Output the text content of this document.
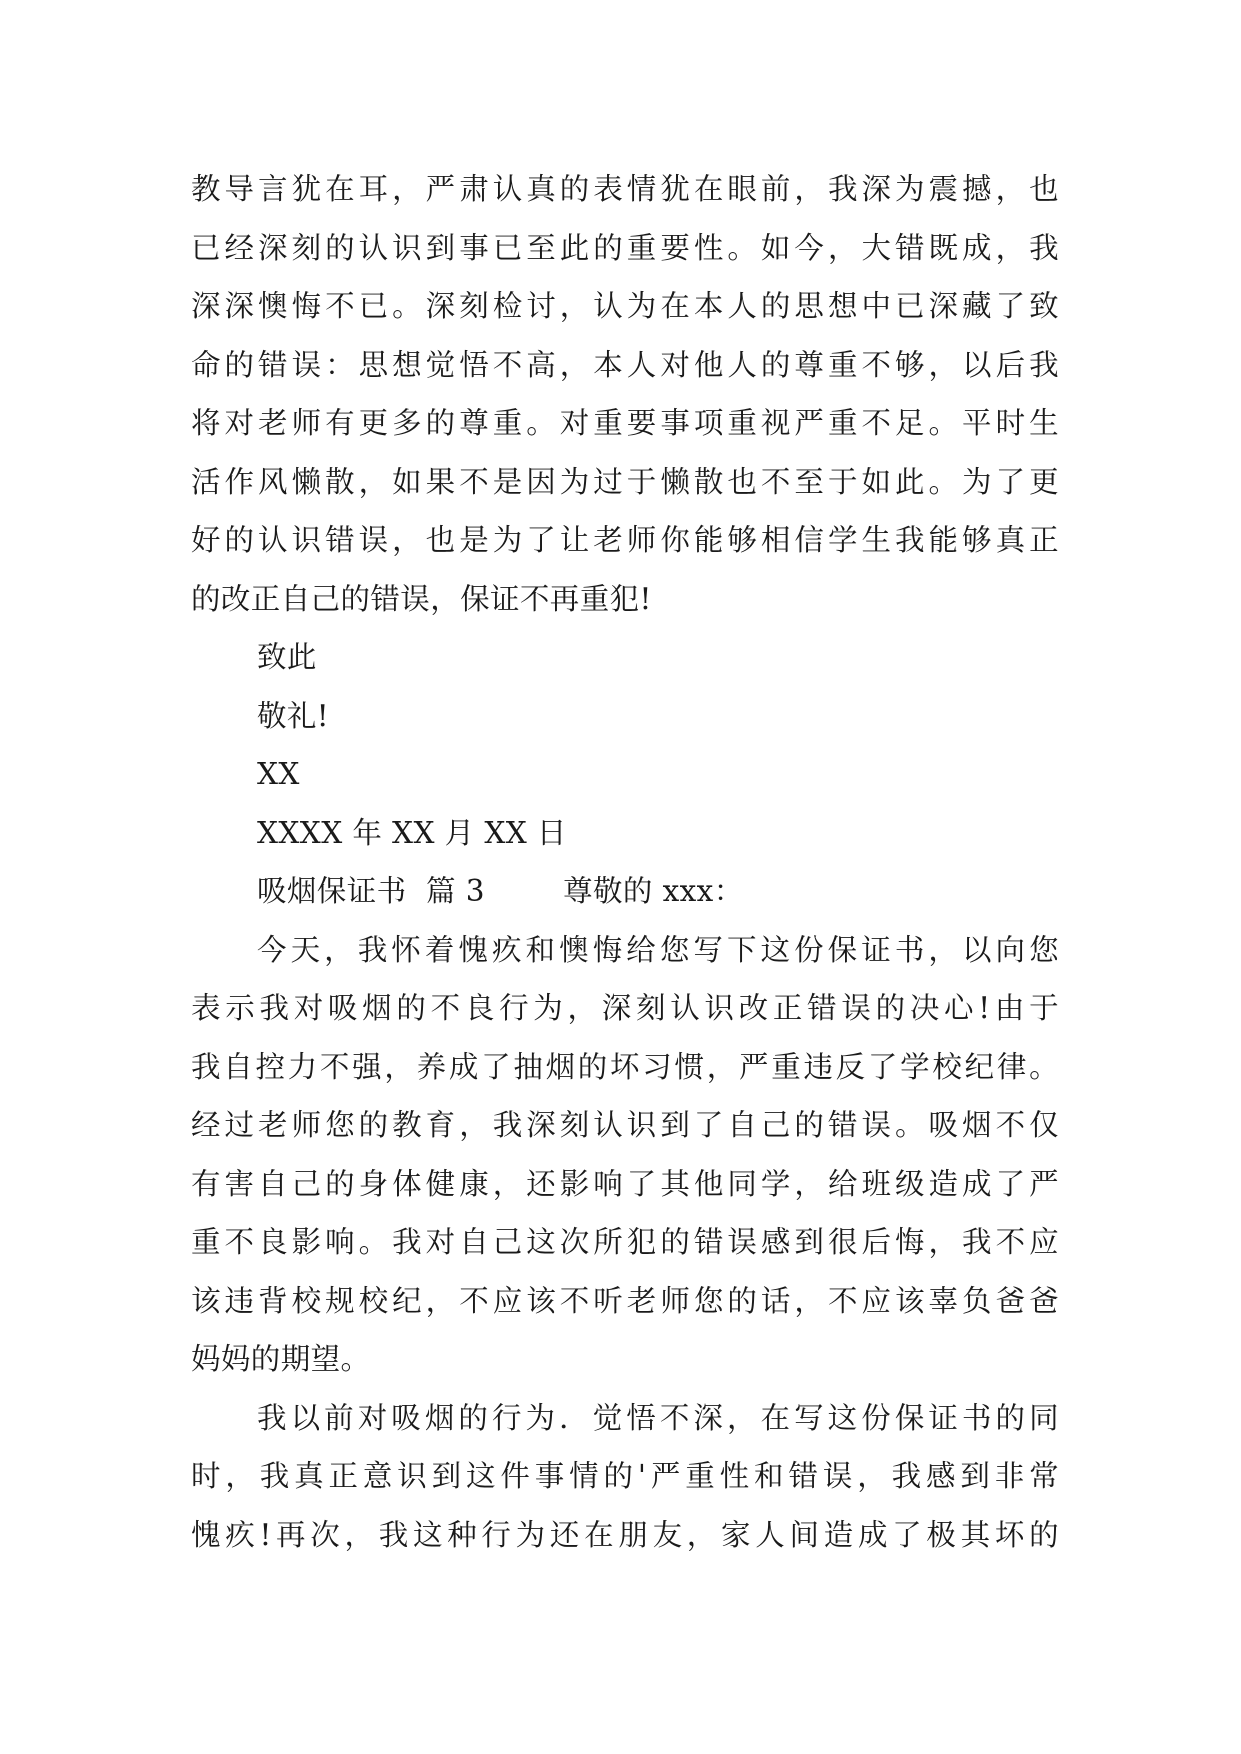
教导言犹在耳，严肃认真的表情犹在眼前，我深为震撼，也
已经深刻的认识到事已至此的重要性。如今，大错既成，我
深深懊悔不已。深刻检讨，认为在本人的思想中已深藏了致
命的错误：思想觉悟不高，本人对他人的尊重不够，以后我
将对老师有更多的尊重。对重要事项重视严重不足。平时生
活作风懒散，如果不是因为过于懒散也不至于如此。为了更
好的认识错误，也是为了让老师你能够相信学生我能够真正
的改正自己的错误，保证不再重犯!
致此
敬礼!
XX
XXXX 年 XX 月 XX 日
吸烟保证书  篇 3        尊敬的 xxx：
今天，我怀着愧疚和懊悔给您写下这份保证书，以向您
表示我对吸烟的不良行为，深刻认识改正错误的决心!由于
我自控力不强，养成了抽烟的坏习惯，严重违反了学校纪律。
经过老师您的教育，我深刻认识到了自己的错误。吸烟不仅
有害自己的身体健康，还影响了其他同学，给班级造成了严
重不良影响。我对自己这次所犯的错误感到很后悔，我不应
该违背校规校纪，不应该不听老师您的话，不应该辜负爸爸
妈妈的期望。
我以前对吸烟的行为．觉悟不深，在写这份保证书的同
时，我真正意识到这件事情的'严重性和错误，我感到非常
愧疚!再次，我这种行为还在朋友，家人间造成了极其坏的
